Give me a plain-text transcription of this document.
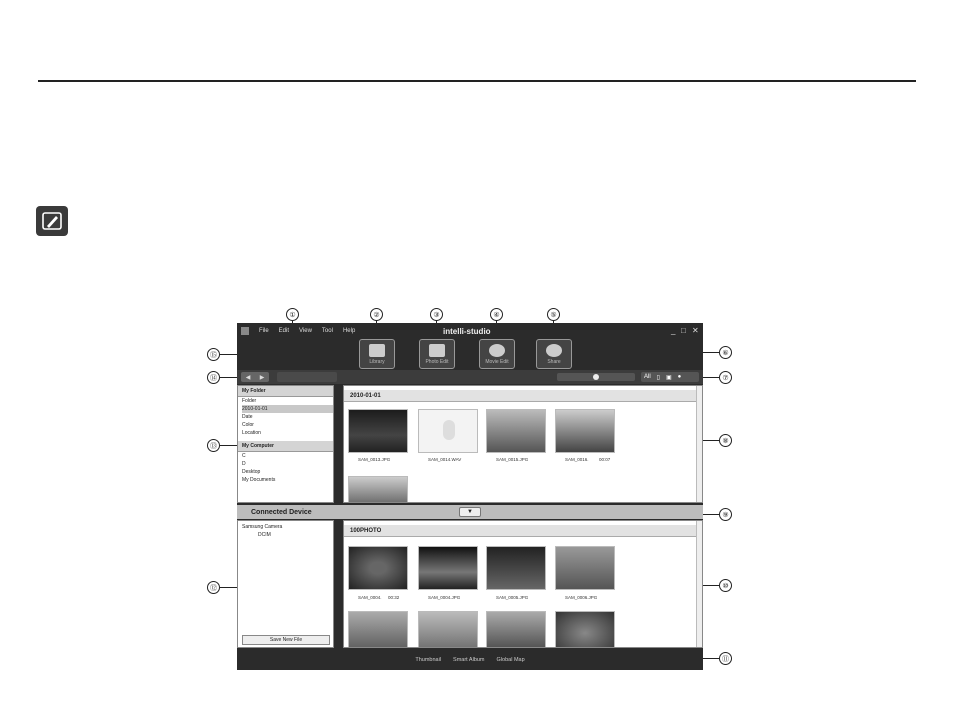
①	②	③	④	⑤
⑥
⑦
⑧
⑨
⑩
⑪
⑫
⑬
⑭
⑮
File Edit View Tool Help	intelli-studio	_ □ ✕
Library	Photo Edit	Movie Edit	Share
◀ ▶	All ▯ ▣ ●
My Folder
Folder
2010-01-01
Date
Color
Location
My Computer
C
D
Desktop
My Documents
2010-01-01
SAM_0013.JPG	SAM_0014.WAV	SAM_0015.JPG	SAM_0016. 00:07
Connected Device	▼
Samsung Camera
DCIM
Save New File
100PHOTO
SAM_0004. 00:32	SAM_0004.JPG	SAM_0005.JPG	SAM_0006.JPG
Thumbnail Smart Album Global Map
